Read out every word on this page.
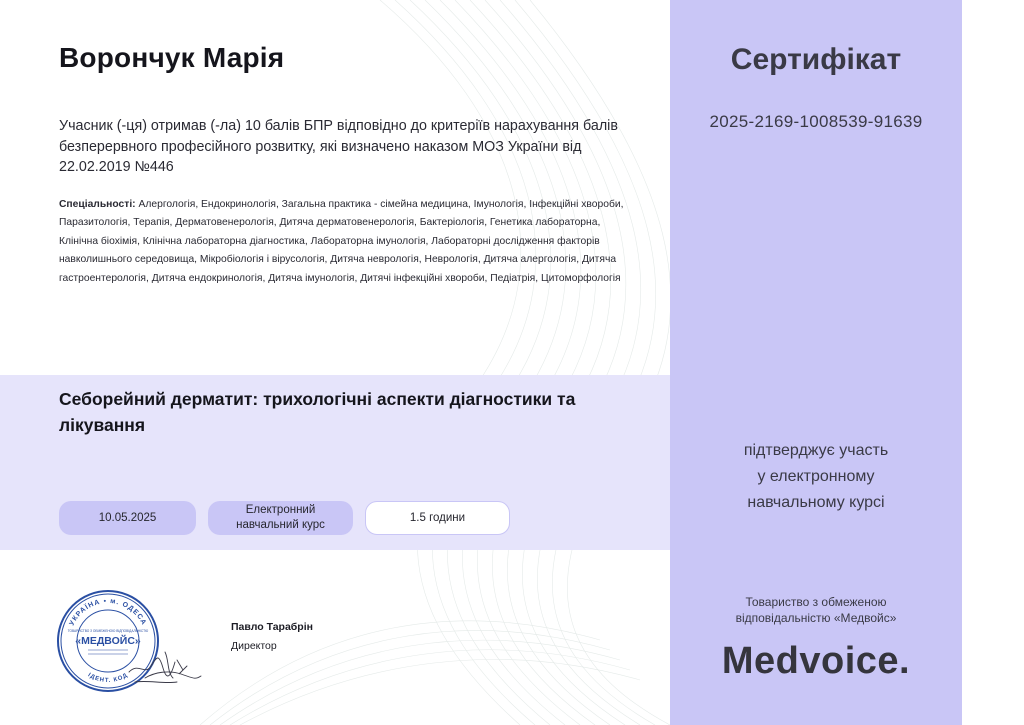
Ворончук Марія
Учасник (-ця) отримав (-ла) 10 балів БПР відповідно до критеріїв нарахування балів безперервного професійного розвитку, які визначено наказом МОЗ України від 22.02.2019 №446
Спеціальності: Алергологія, Ендокринологія, Загальна практика - сімейна медицина, Імунологія, Інфекційні хвороби, Паразитологія, Терапія, Дерматовенерологія, Дитяча дерматовенерологія, Бактеріологія, Генетика лабораторна, Клінічна біохімія, Клінічна лабораторна діагностика, Лабораторна імунологія, Лабораторні дослідження факторів навколишнього середовища, Мікробіологія і вірусологія, Дитяча неврологія, Неврологія, Дитяча алергологія, Дитяча гастроентерологія, Дитяча ендокринологія, Дитяча імунологія, Дитячі інфекційні хвороби, Педіатрія, Цитоморфологія
Себорейний дерматит: трихологічні аспекти діагностики та лікування
10.05.2025
Електронний
навчальний курс
1.5 години
Сертифікат
2025-2169-1008539-91639
підтверджує участь
у електронному
навчальному курсі
Товариство з обмеженою
відповідальністю «Медвойс»
Medvoice.
УКРАЇНА • м. ОДЕСА
ІДЕНТ. КОД
«МЕДВОЙС»
ТОВАРИСТВО З ОБМЕЖЕНОЮ ВІДПОВІДАЛЬНІСТЮ	Павло Тарабрін
Директор
